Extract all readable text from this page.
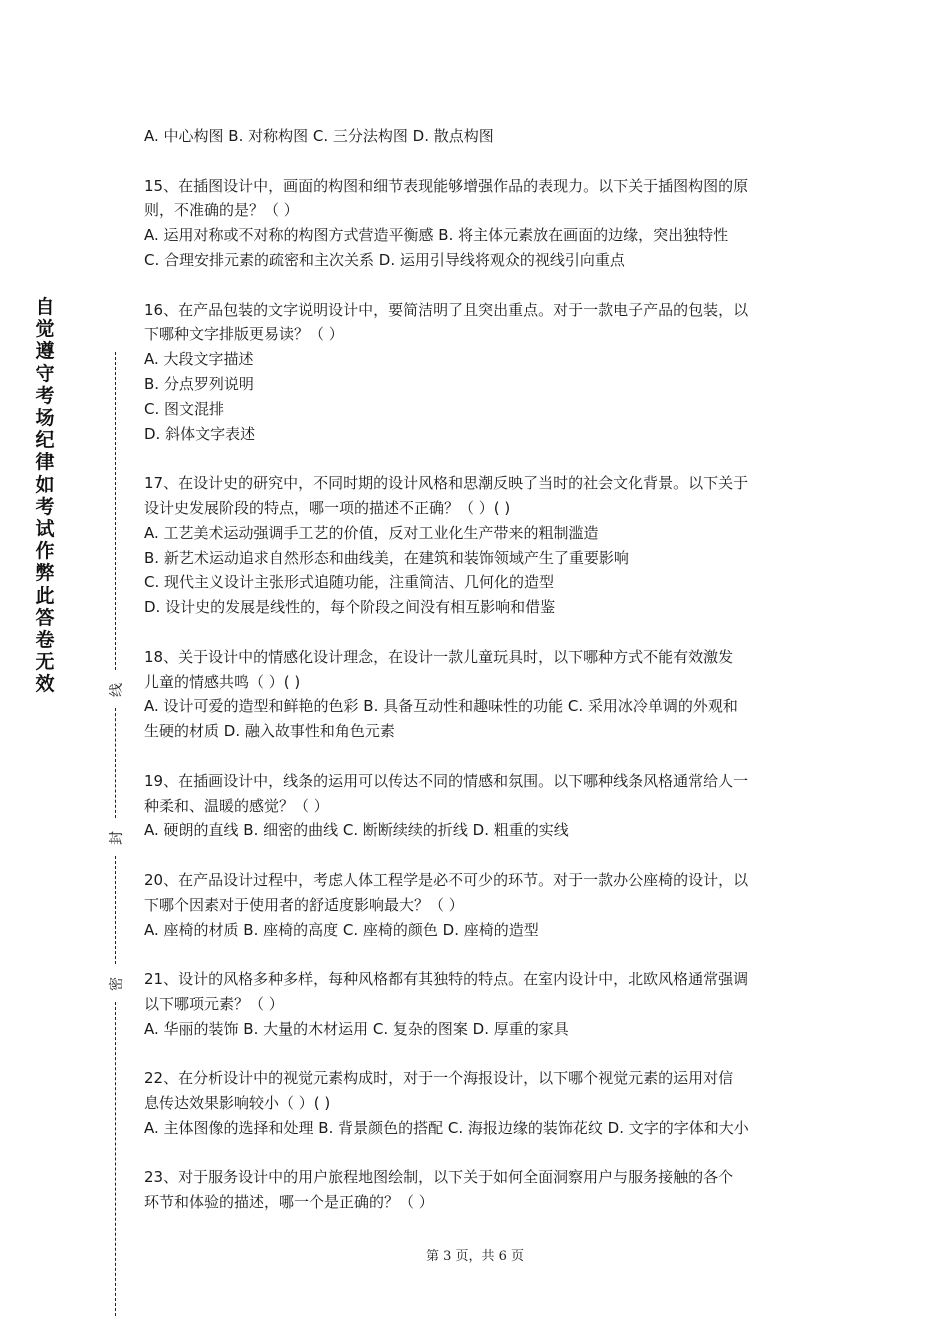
自觉遵守考场纪律如考试作弊此答卷无效	线
封
密
A. 中心构图 B. 对称构图 C. 三分法构图 D. 散点构图
15、在插图设计中，画面的构图和细节表现能够增强作品的表现力。以下关于插图构图的原
则，不准确的是？（ ）
A. 运用对称或不对称的构图方式营造平衡感 B. 将主体元素放在画面的边缘，突出独特性
C. 合理安排元素的疏密和主次关系 D. 运用引导线将观众的视线引向重点
16、在产品包装的文字说明设计中，要简洁明了且突出重点。对于一款电子产品的包装，以
下哪种文字排版更易读？（ ）
A. 大段文字描述
B. 分点罗列说明
C. 图文混排
D. 斜体文字表述
17、在设计史的研究中，不同时期的设计风格和思潮反映了当时的社会文化背景。以下关于
设计史发展阶段的特点，哪一项的描述不正确？（ ）( )
A. 工艺美术运动强调手工艺的价值，反对工业化生产带来的粗制滥造
B. 新艺术运动追求自然形态和曲线美，在建筑和装饰领域产生了重要影响
C. 现代主义设计主张形式追随功能，注重简洁、几何化的造型
D. 设计史的发展是线性的，每个阶段之间没有相互影响和借鉴
18、关于设计中的情感化设计理念，在设计一款儿童玩具时，以下哪种方式不能有效激发
儿童的情感共鸣（ ）( )
A. 设计可爱的造型和鲜艳的色彩 B. 具备互动性和趣味性的功能 C. 采用冰冷单调的外观和
生硬的材质 D. 融入故事性和角色元素
19、在插画设计中，线条的运用可以传达不同的情感和氛围。以下哪种线条风格通常给人一
种柔和、温暖的感觉？（ ）
A. 硬朗的直线 B. 细密的曲线 C. 断断续续的折线 D. 粗重的实线
20、在产品设计过程中，考虑人体工程学是必不可少的环节。对于一款办公座椅的设计，以
下哪个因素对于使用者的舒适度影响最大？（ ）
A. 座椅的材质 B. 座椅的高度 C. 座椅的颜色 D. 座椅的造型
21、设计的风格多种多样，每种风格都有其独特的特点。在室内设计中，北欧风格通常强调
以下哪项元素？（ ）
A. 华丽的装饰 B. 大量的木材运用 C. 复杂的图案 D. 厚重的家具
22、在分析设计中的视觉元素构成时，对于一个海报设计，以下哪个视觉元素的运用对信
息传达效果影响较小（ ）( )
A. 主体图像的选择和处理 B. 背景颜色的搭配 C. 海报边缘的装饰花纹 D. 文字的字体和大小
23、对于服务设计中的用户旅程地图绘制，以下关于如何全面洞察用户与服务接触的各个
环节和体验的描述，哪一个是正确的？（ ）
第 3 页，共 6 页
